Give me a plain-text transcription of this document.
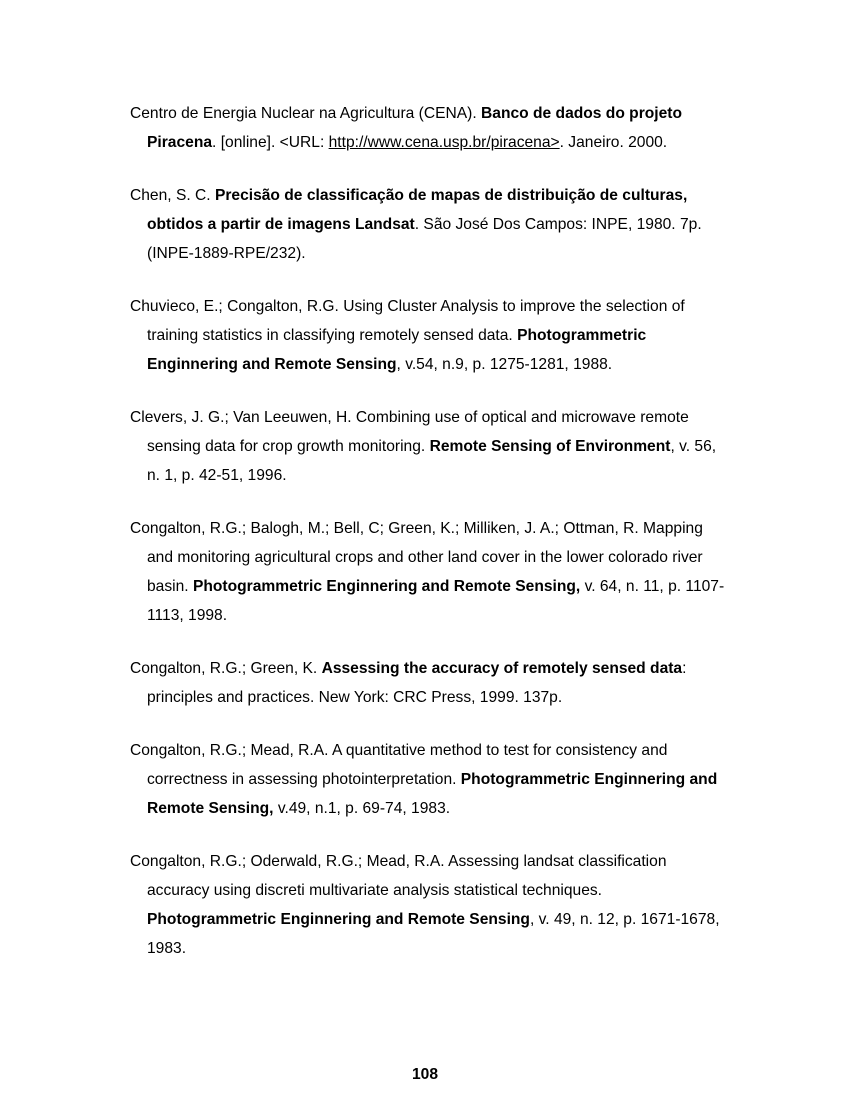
Centro de Energia Nuclear na Agricultura (CENA). Banco de dados do projeto Piracena. [online]. <URL: http://www.cena.usp.br/piracena>. Janeiro. 2000.

Chen, S. C. Precisão de classificação de mapas de distribuição de culturas, obtidos a partir de imagens Landsat. São José Dos Campos: INPE, 1980. 7p. (INPE-1889-RPE/232).

Chuvieco, E.; Congalton, R.G. Using Cluster Analysis to improve the selection of training statistics in classifying remotely sensed data. Photogrammetric Enginnering and Remote Sensing, v.54, n.9, p. 1275-1281, 1988.

Clevers, J. G.; Van Leeuwen, H. Combining use of optical and microwave remote sensing data for crop growth monitoring. Remote Sensing of Environment, v. 56, n. 1, p. 42-51, 1996.

Congalton, R.G.; Balogh, M.; Bell, C; Green, K.; Milliken, J. A.; Ottman, R. Mapping and monitoring agricultural crops and other land cover in the lower colorado river basin. Photogrammetric Enginnering and Remote Sensing, v. 64, n. 11, p. 1107-1113, 1998.

Congalton, R.G.; Green, K. Assessing the accuracy of remotely sensed data: principles and practices. New York: CRC Press, 1999. 137p.

Congalton, R.G.; Mead, R.A. A quantitative method to test for consistency and correctness in assessing photointerpretation. Photogrammetric Enginnering and Remote Sensing, v.49, n.1, p. 69-74, 1983.

Congalton, R.G.; Oderwald, R.G.; Mead, R.A. Assessing landsat classification accuracy using discreti multivariate analysis statistical techniques. Photogrammetric Enginnering and Remote Sensing, v. 49, n. 12, p. 1671-1678, 1983.

108
